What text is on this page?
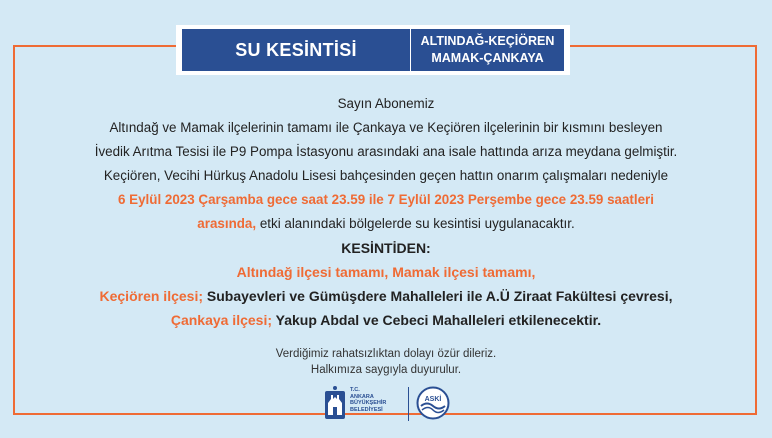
SU KESİNTİSİ	ALTINDAĞ-KEÇİÖREN
MAMAK-ÇANKAYA
Sayın Abonemiz
Altındağ ve Mamak ilçelerinin tamamı ile Çankaya ve Keçiören ilçelerinin bir kısmını besleyen
İvedik Arıtma Tesisi ile P9 Pompa İstasyonu arasındaki ana isale hattında arıza meydana gelmiştir.
Keçiören, Vecihi Hürkuş Anadolu Lisesi bahçesinden geçen hattın onarım çalışmaları nedeniyle
6 Eylül 2023 Çarşamba gece saat 23.59 ile 7 Eylül 2023 Perşembe gece 23.59 saatleri
arasında, etki alanındaki bölgelerde su kesintisi uygulanacaktır.
KESİNTİDEN:
Altındağ ilçesi tamamı, Mamak ilçesi tamamı,
Keçiören ilçesi; Subayevleri ve Gümüşdere Mahalleleri ile A.Ü Ziraat Fakültesi çevresi,
Çankaya ilçesi; Yakup Abdal ve Cebeci Mahalleleri etkilenecektir.
Verdiğimiz rahatsızlıktan dolayı özür dileriz.
Halkımıza saygıyla duyurulur.
T.C.
ANKARA
BÜYÜKŞEHİR
BELEDİYESİ
ASKİ
